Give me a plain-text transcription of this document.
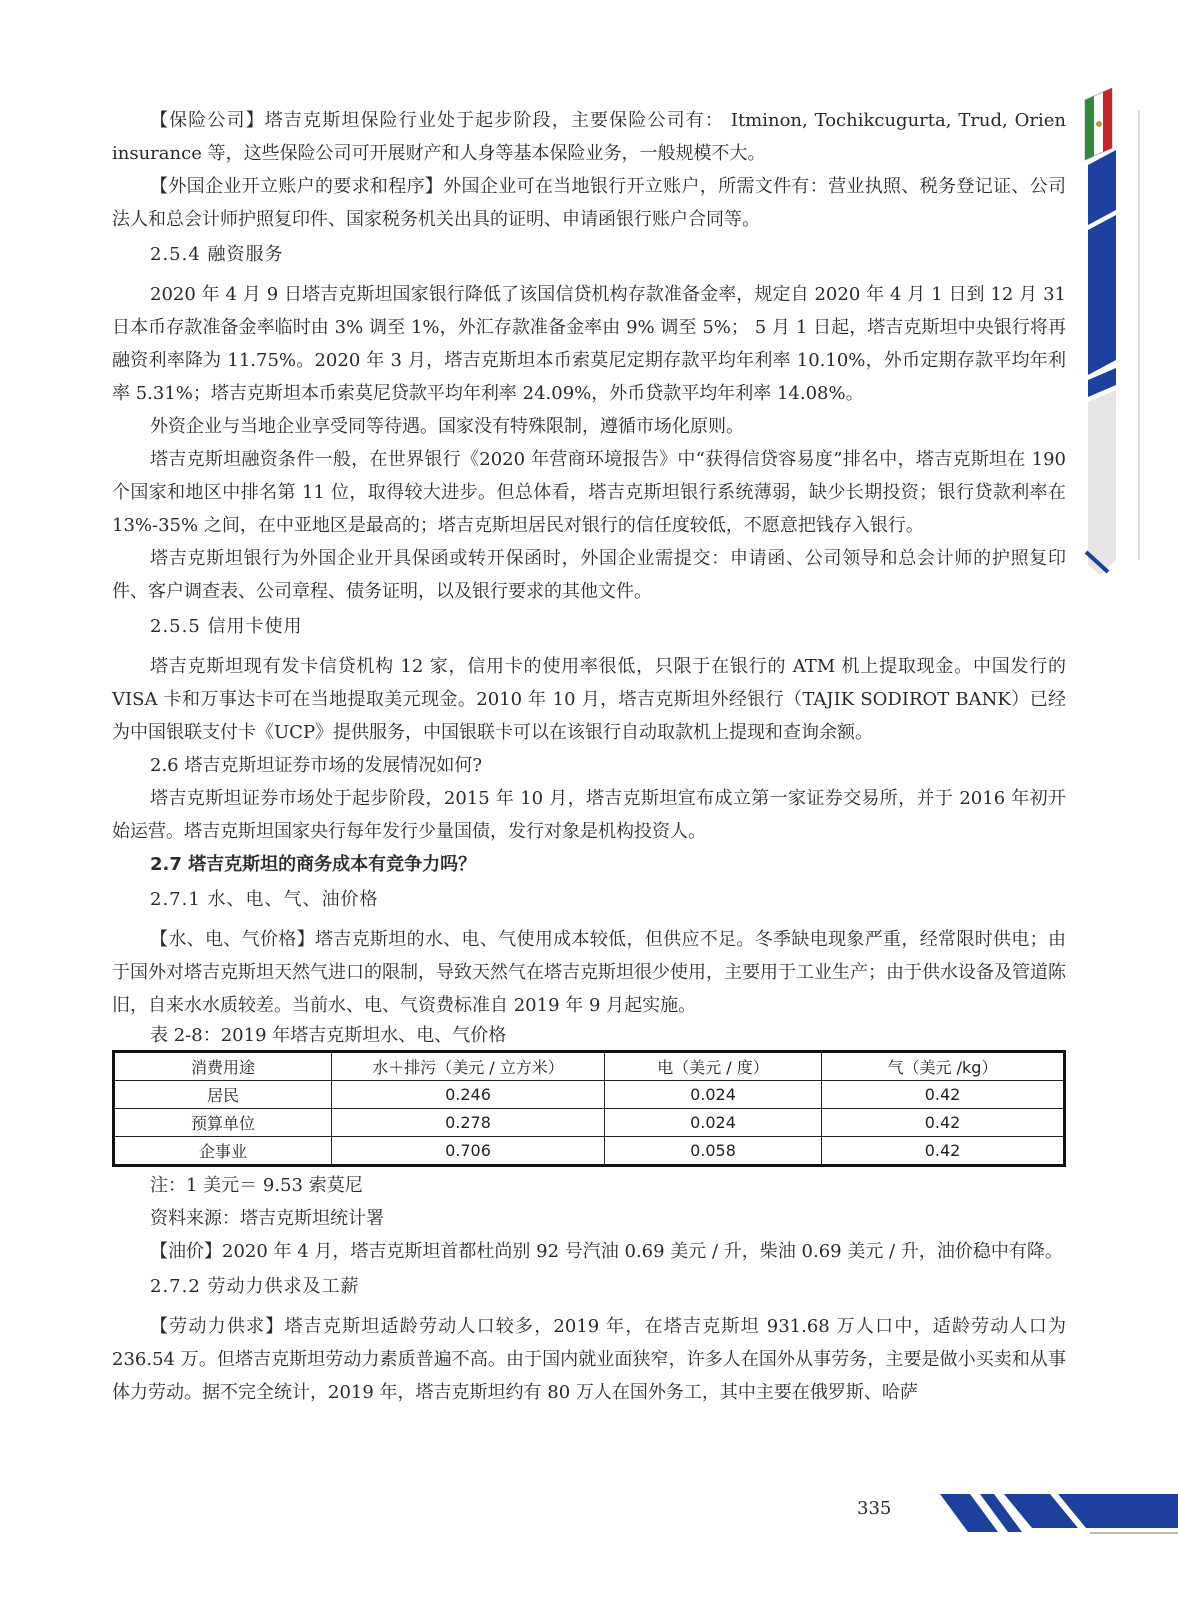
【保险公司】塔吉克斯坦保险行业处于起步阶段，主要保险公司有： Itminon, Tochikcugurta, Trud, Orien insurance 等，这些保险公司可开展财产和人身等基本保险业务，一般规模不大。

【外国企业开立账户的要求和程序】外国企业可在当地银行开立账户，所需文件有：营业执照、税务登记证、公司法人和总会计师护照复印件、国家税务机关出具的证明、申请函银行账户合同等。

2.5.4 融资服务

2020 年 4 月 9 日塔吉克斯坦国家银行降低了该国信贷机构存款准备金率，规定自 2020 年 4 月 1 日到 12 月 31 日本币存款准备金率临时由 3% 调至 1%，外汇存款准备金率由 9% 调至 5%； 5 月 1 日起，塔吉克斯坦中央银行将再融资利率降为 11.75%。2020 年 3 月，塔吉克斯坦本币索莫尼定期存款平均年利率 10.10%，外币定期存款平均年利率 5.31%；塔吉克斯坦本币索莫尼贷款平均年利率 24.09%，外币贷款平均年利率 14.08%。

外资企业与当地企业享受同等待遇。国家没有特殊限制，遵循市场化原则。

塔吉克斯坦融资条件一般，在世界银行《2020 年营商环境报告》中“获得信贷容易度”排名中，塔吉克斯坦在 190 个国家和地区中排名第 11 位，取得较大进步。但总体看，塔吉克斯坦银行系统薄弱，缺少长期投资；银行贷款利率在 13%-35% 之间，在中亚地区是最高的；塔吉克斯坦居民对银行的信任度较低，不愿意把钱存入银行。

塔吉克斯坦银行为外国企业开具保函或转开保函时，外国企业需提交：申请函、公司领导和总会计师的护照复印件、客户调查表、公司章程、债务证明，以及银行要求的其他文件。

2.5.5 信用卡使用

塔吉克斯坦现有发卡信贷机构 12 家，信用卡的使用率很低，只限于在银行的 ATM 机上提取现金。中国发行的 VISA 卡和万事达卡可在当地提取美元现金。2010 年 10 月，塔吉克斯坦外经银行（TAJIK SODIROT BANK）已经为中国银联支付卡《UCP》提供服务，中国银联卡可以在该银行自动取款机上提现和查询余额。

2.6 塔吉克斯坦证券市场的发展情况如何?

塔吉克斯坦证券市场处于起步阶段，2015 年 10 月，塔吉克斯坦宣布成立第一家证券交易所，并于 2016 年初开始运营。塔吉克斯坦国家央行每年发行少量国债，发行对象是机构投资人。

2.7 塔吉克斯坦的商务成本有竞争力吗？
2.7.1 水、电、气、油价格

【水、电、气价格】塔吉克斯坦的水、电、气使用成本较低，但供应不足。冬季缺电现象严重，经常限时供电；由于国外对塔吉克斯坦天然气进口的限制，导致天然气在塔吉克斯坦很少使用，主要用于工业生产；由于供水设备及管道陈旧，自来水水质较差。当前水、电、气资费标准自 2019 年 9 月起实施。

表 2-8：2019 年塔吉克斯坦水、电、气价格
消费用途	水＋排污（美元 / 立方米）	电（美元 / 度）	气（美元 /kg）
居民	0.246	0.024	0.42
预算单位	0.278	0.024	0.42
企事业	0.706	0.058	0.42
注：1 美元＝ 9.53 索莫尼
资料来源：塔吉克斯坦统计署

【油价】2020 年 4 月，塔吉克斯坦首都杜尚别 92 号汽油 0.69 美元 / 升，柴油 0.69 美元 / 升，油价稳中有降。

2.7.2 劳动力供求及工薪

【劳动力供求】塔吉克斯坦适龄劳动人口较多，2019 年，在塔吉克斯坦 931.68 万人口中，适龄劳动人口为 236.54 万。但塔吉克斯坦劳动力素质普遍不高。由于国内就业面狭窄，许多人在国外从事劳务，主要是做小买卖和从事体力劳动。据不完全统计，2019 年，塔吉克斯坦约有 80 万人在国外务工，其中主要在俄罗斯、哈萨

335
